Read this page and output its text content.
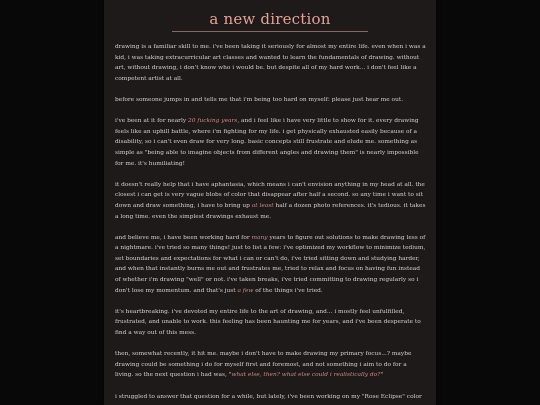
a new direction

drawing is a familiar skill to me. i've been taking it seriously for almost my entire life. even when i was a kid, i was taking extracurricular art classes and wanted to learn the fundamentals of drawing. without art, without drawing, i don't know who i would be. but despite all of my hard work... i don't feel like a competent artist at all.

before someone jumps in and tells me that i'm being too hard on myself: please just hear me out.

i've been at it for nearly 20 fucking years, and i feel like i have very little to show for it. every drawing feels like an uphill battle, where i'm fighting for my life. i get physically exhausted easily because of a disability, so i can't even draw for very long. basic concepts still frustrate and elude me. something as simple as "being able to imagine objects from different angles and drawing them" is nearly impossible for me. it's humiliating!

it doesn't really help that i have aphantasia, which means i can't envision anything in my head at all. the closest i can get is very vague blobs of color that disappear after half a second. so any time i want to sit down and draw something, i have to bring up at least half a dozen photo references. it's tedious. it takes a long time. even the simplest drawings exhaust me.

and believe me, i have been working hard for many years to figure out solutions to make drawing less of a nightmare. i've tried so many things! just to list a few: i've optimized my workflow to minimize tedium, set boundaries and expectations for what i can or can't do, i've tried sitting down and studying harder, and when that instantly burns me out and frustrates me, tried to relax and focus on having fun instead of whether i'm drawing "well" or not. i've taken breaks, i've tried committing to drawing regularly so i don't lose my momentum. and that's just a few of the things i've tried.

it's heartbreaking. i've devoted my entire life to the art of drawing, and... i mostly feel unfulfilled, frustrated, and unable to work. this feeling has been haunting me for years, and i've been desperate to find a way out of this mess.

then, somewhat recently, it hit me. maybe i don't have to make drawing my primary focus...? maybe drawing could be something i do for myself first and foremost, and not something i aim to do for a living. so the next question i had was, "what else, then? what else could i realistically do?"

i struggled to answer that question for a while, but lately, i've been working on my "Rose Eclipse" color
